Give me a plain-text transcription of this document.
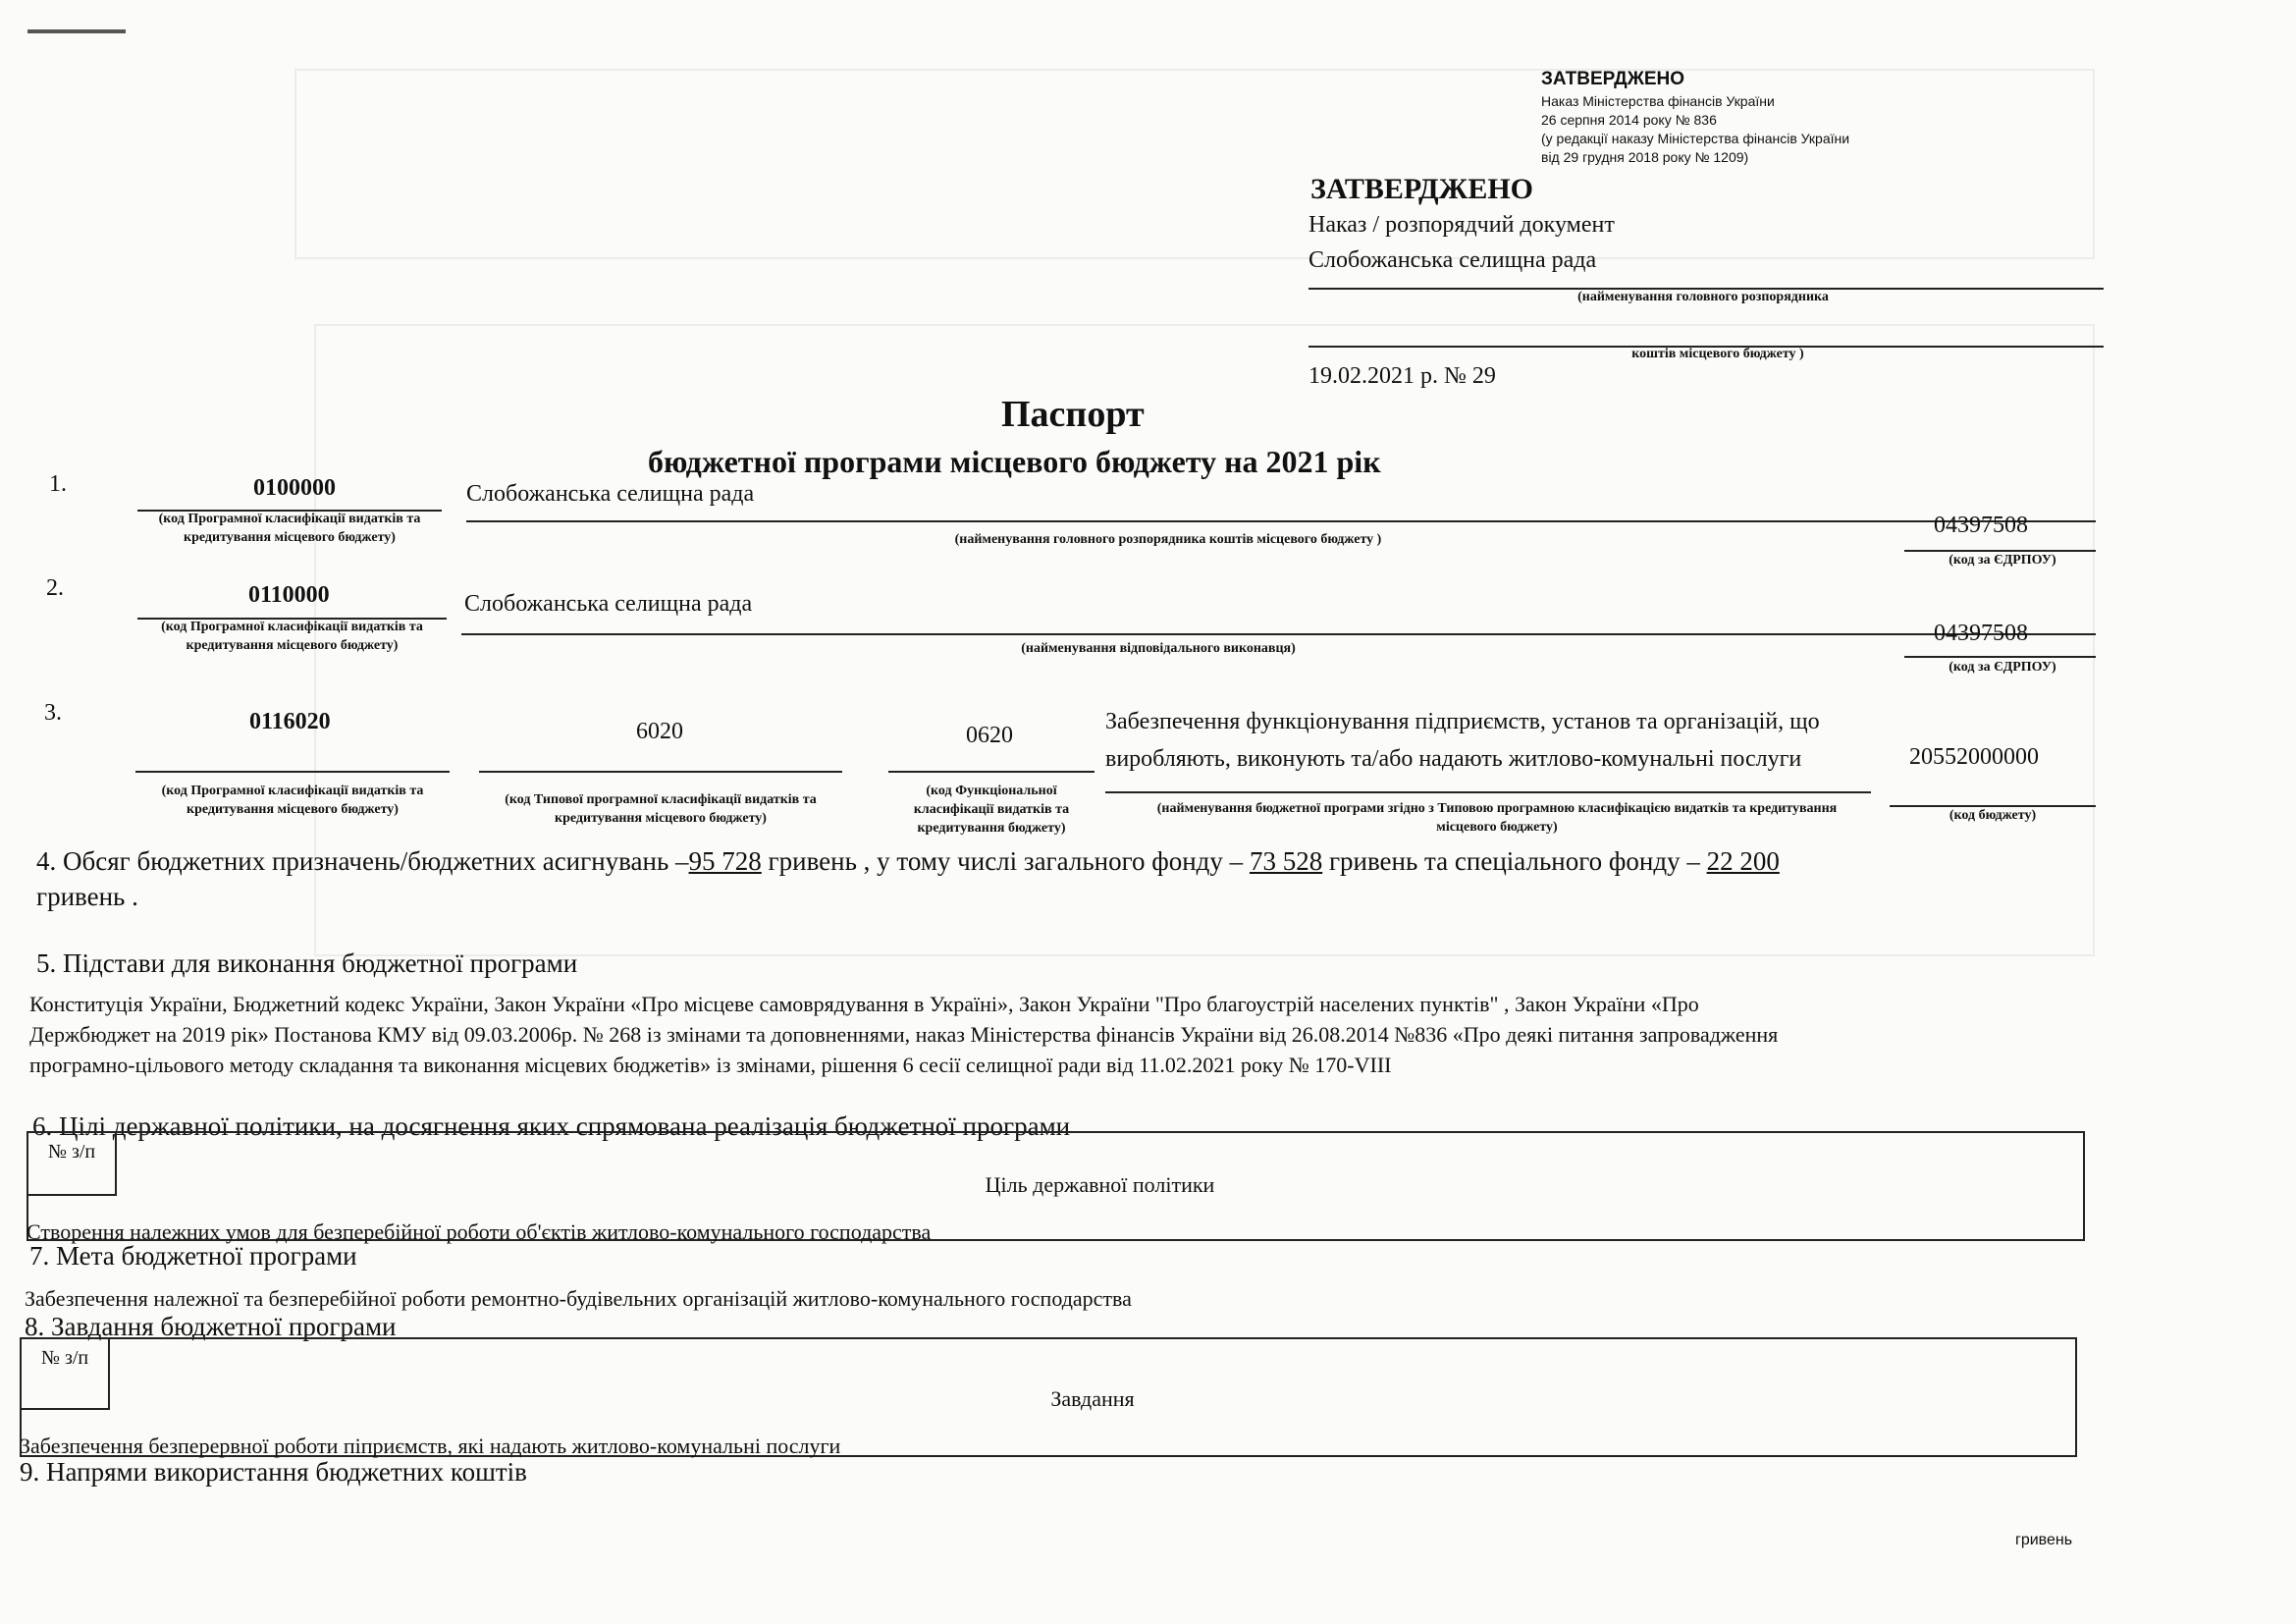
ЗАТВЕРДЖЕНО
Наказ Міністерства фінансів України
26 серпня 2014 року № 836
(у редакції наказу Міністерства фінансів України
від 29 грудня 2018 року № 1209)
ЗАТВЕРДЖЕНО
Наказ / розпорядчий документ
Слобожанська селищна рада
(найменування головного розпорядника
коштів місцевого бюджету )
19.02.2021 р. № 29
Паспорт
бюджетної програми місцевого бюджету на 2021 рік
1.	0100000
(код Програмної класифікації видатків та кредитування місцевого бюджету)
Слобожанська селищна рада
(найменування головного розпорядника коштів місцевого бюджету )
04397508
(код за ЄДРПОУ)
2.	0110000
(код Програмної класифікації видатків та кредитування місцевого бюджету)
Слобожанська селищна рада
(найменування відповідального виконавця)
04397508
(код за ЄДРПОУ)
3.	0116020
(код Програмної класифікації видатків та кредитування місцевого бюджету)
6020
(код Типової програмної класифікації видатків та кредитування місцевого бюджету)
0620
(код Функціональної класифікації видатків та кредитування бюджету)
Забезпечення функціонування підприємств, установ та організацій, що
виробляють, виконують та/або надають житлово-комунальні послуги
(найменування бюджетної програми згідно з Типовою програмною класифікацією видатків та кредитування місцевого бюджету)
20552000000
(код бюджету)
4. Обсяг бюджетних призначень/бюджетних асигнувань –95 728 гривень , у тому числі загального фонду – 73 528 гривень та спеціального фонду – 22 200
гривень .
5. Підстави для виконання бюджетної програми
Конституція України, Бюджетний кодекс України, Закон України «Про місцеве самоврядування в Україні», Закон України "Про благоустрій населених пунктів" , Закон України «Про
Держбюджет на 2019 рік» Постанова КМУ від 09.03.2006р. № 268 із змінами та доповненнями, наказ Міністерства фінансів України від 26.08.2014 №836 «Про деякі питання запровадження
програмно-цільового методу складання та виконання місцевих бюджетів» із змінами, рішення 6 сесії селищної ради від 11.02.2021 року № 170-VIII
6. Цілі державної політики, на досягнення яких спрямована реалізація бюджетної програми
№ з/п
Ціль державної політики
Створення належних умов для безперебійної роботи об'єктів житлово-комунального господарства
7. Мета бюджетної програми
Забезпечення належної та безперебійної роботи ремонтно-будівельних організацій житлово-комунального господарства
8. Завдання бюджетної програми
№ з/п
Завдання
Забезпечення безперервної роботи піприємств, які надають житлово-комунальні послуги
9. Напрями використання бюджетних коштів
гривень
